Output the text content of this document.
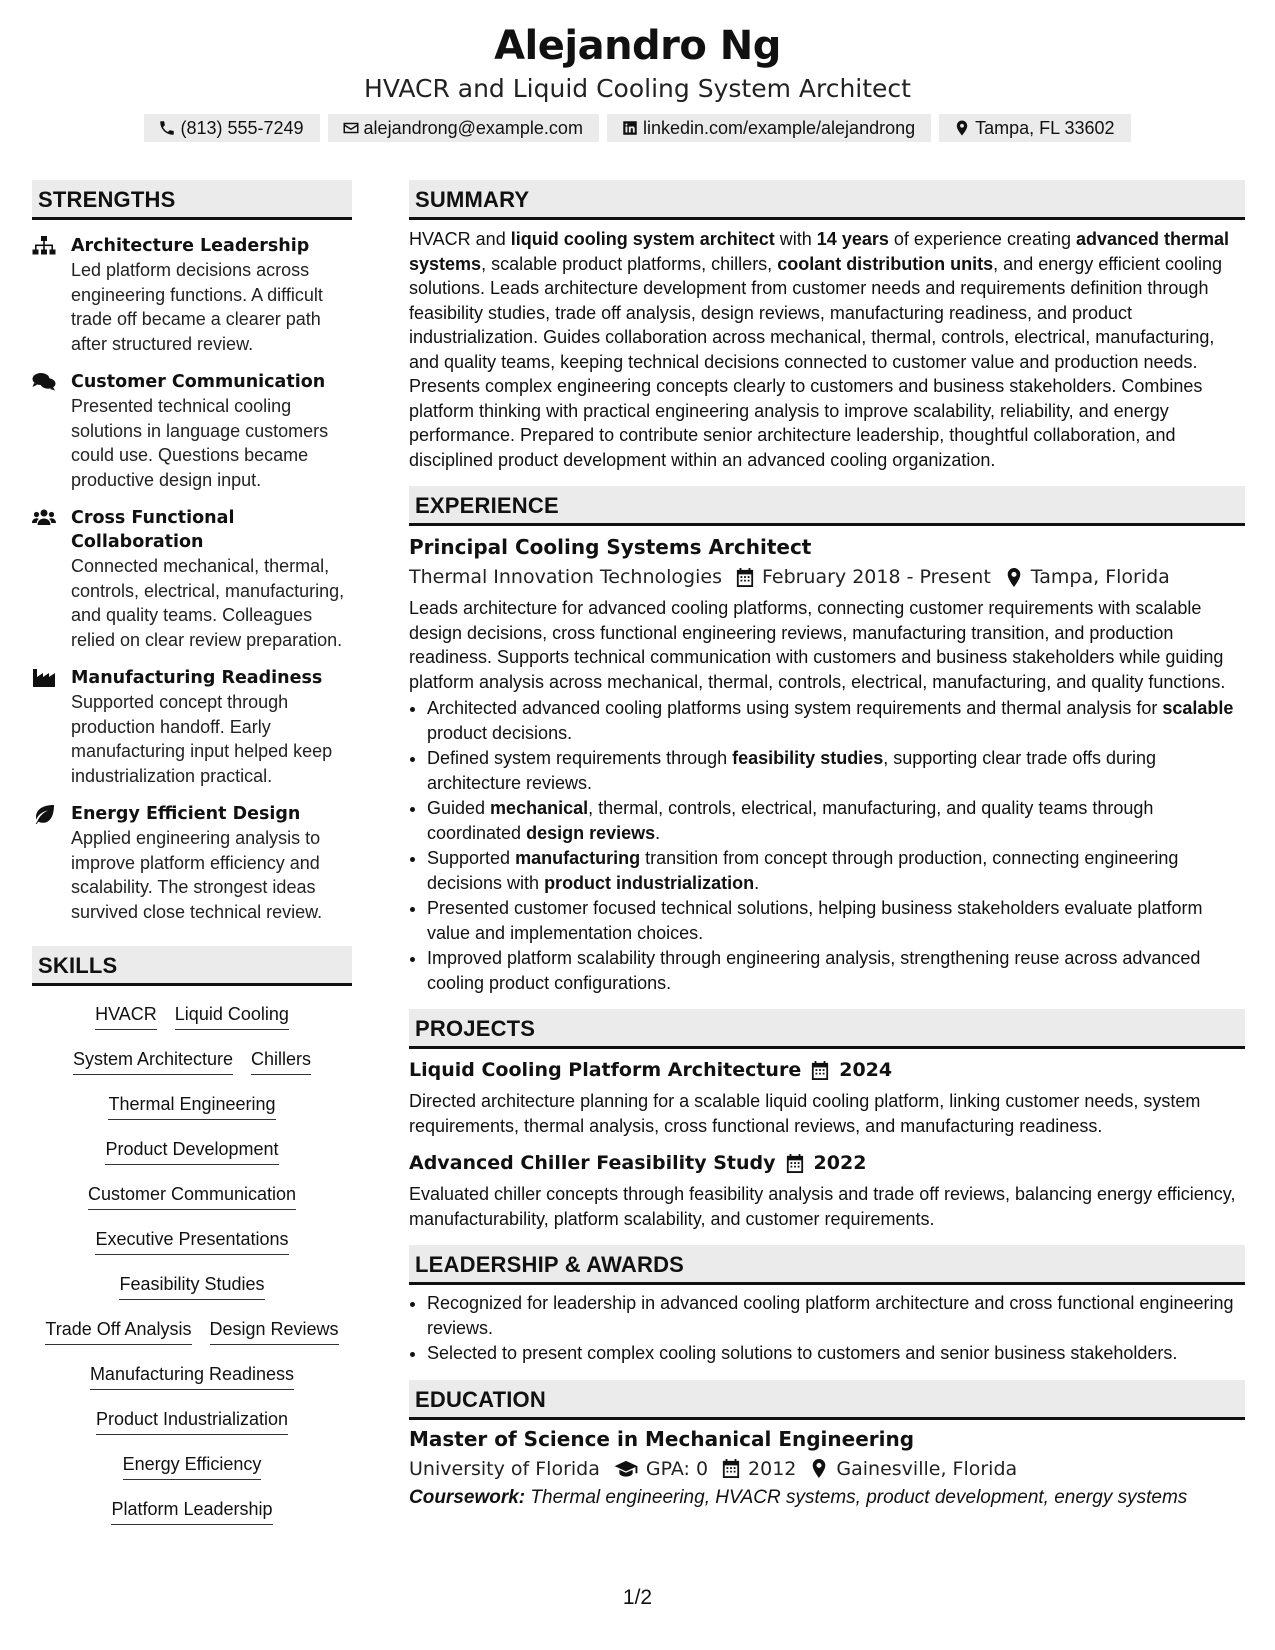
Alejandro Ng
HVACR and Liquid Cooling System Architect
(813) 555-7249	alejandrong@example.com	linkedin.com/example/alejandrong	Tampa, FL 33602
STRENGTHS
Architecture Leadership
Led platform decisions across engineering functions. A difficult trade off became a clearer path after structured review.
Customer Communication
Presented technical cooling solutions in language customers could use. Questions became productive design input.
Cross Functional Collaboration
Connected mechanical, thermal, controls, electrical, manufacturing, and quality teams. Colleagues relied on clear review preparation.
Manufacturing Readiness
Supported concept through production handoff. Early manufacturing input helped keep industrialization practical.
Energy Efficient Design
Applied engineering analysis to improve platform efficiency and scalability. The strongest ideas survived close technical review.
SKILLS
HVACR Liquid Cooling
System Architecture Chillers
Thermal Engineering
Product Development
Customer Communication
Executive Presentations
Feasibility Studies
Trade Off Analysis Design Reviews
Manufacturing Readiness
Product Industrialization
Energy Efficiency
Platform Leadership
SUMMARY
HVACR and liquid cooling system architect with 14 years of experience creating advanced thermal systems, scalable product platforms, chillers, coolant distribution units, and energy efficient cooling solutions. Leads architecture development from customer needs and requirements definition through feasibility studies, trade off analysis, design reviews, manufacturing readiness, and product industrialization. Guides collaboration across mechanical, thermal, controls, electrical, manufacturing, and quality teams, keeping technical decisions connected to customer value and production needs. Presents complex engineering concepts clearly to customers and business stakeholders. Combines platform thinking with practical engineering analysis to improve scalability, reliability, and energy performance. Prepared to contribute senior architecture leadership, thoughtful collaboration, and disciplined product development within an advanced cooling organization.
EXPERIENCE
Principal Cooling Systems Architect
Thermal Innovation Technologies February 2018 - Present Tampa, Florida
Leads architecture for advanced cooling platforms, connecting customer requirements with scalable design decisions, cross functional engineering reviews, manufacturing transition, and production readiness. Supports technical communication with customers and business stakeholders while guiding platform analysis across mechanical, thermal, controls, electrical, manufacturing, and quality functions.
• Architected advanced cooling platforms using system requirements and thermal analysis for scalable product decisions.
• Defined system requirements through feasibility studies, supporting clear trade offs during architecture reviews.
• Guided mechanical, thermal, controls, electrical, manufacturing, and quality teams through coordinated design reviews.
• Supported manufacturing transition from concept through production, connecting engineering decisions with product industrialization.
• Presented customer focused technical solutions, helping business stakeholders evaluate platform value and implementation choices.
• Improved platform scalability through engineering analysis, strengthening reuse across advanced cooling product configurations.
PROJECTS
Liquid Cooling Platform Architecture 2024
Directed architecture planning for a scalable liquid cooling platform, linking customer needs, system requirements, thermal analysis, cross functional reviews, and manufacturing readiness.
Advanced Chiller Feasibility Study 2022
Evaluated chiller concepts through feasibility analysis and trade off reviews, balancing energy efficiency, manufacturability, platform scalability, and customer requirements.
LEADERSHIP & AWARDS
• Recognized for leadership in advanced cooling platform architecture and cross functional engineering reviews.
• Selected to present complex cooling solutions to customers and senior business stakeholders.
EDUCATION
Master of Science in Mechanical Engineering
University of Florida GPA: 0 2012 Gainesville, Florida
Coursework: Thermal engineering, HVACR systems, product development, energy systems
1/2
